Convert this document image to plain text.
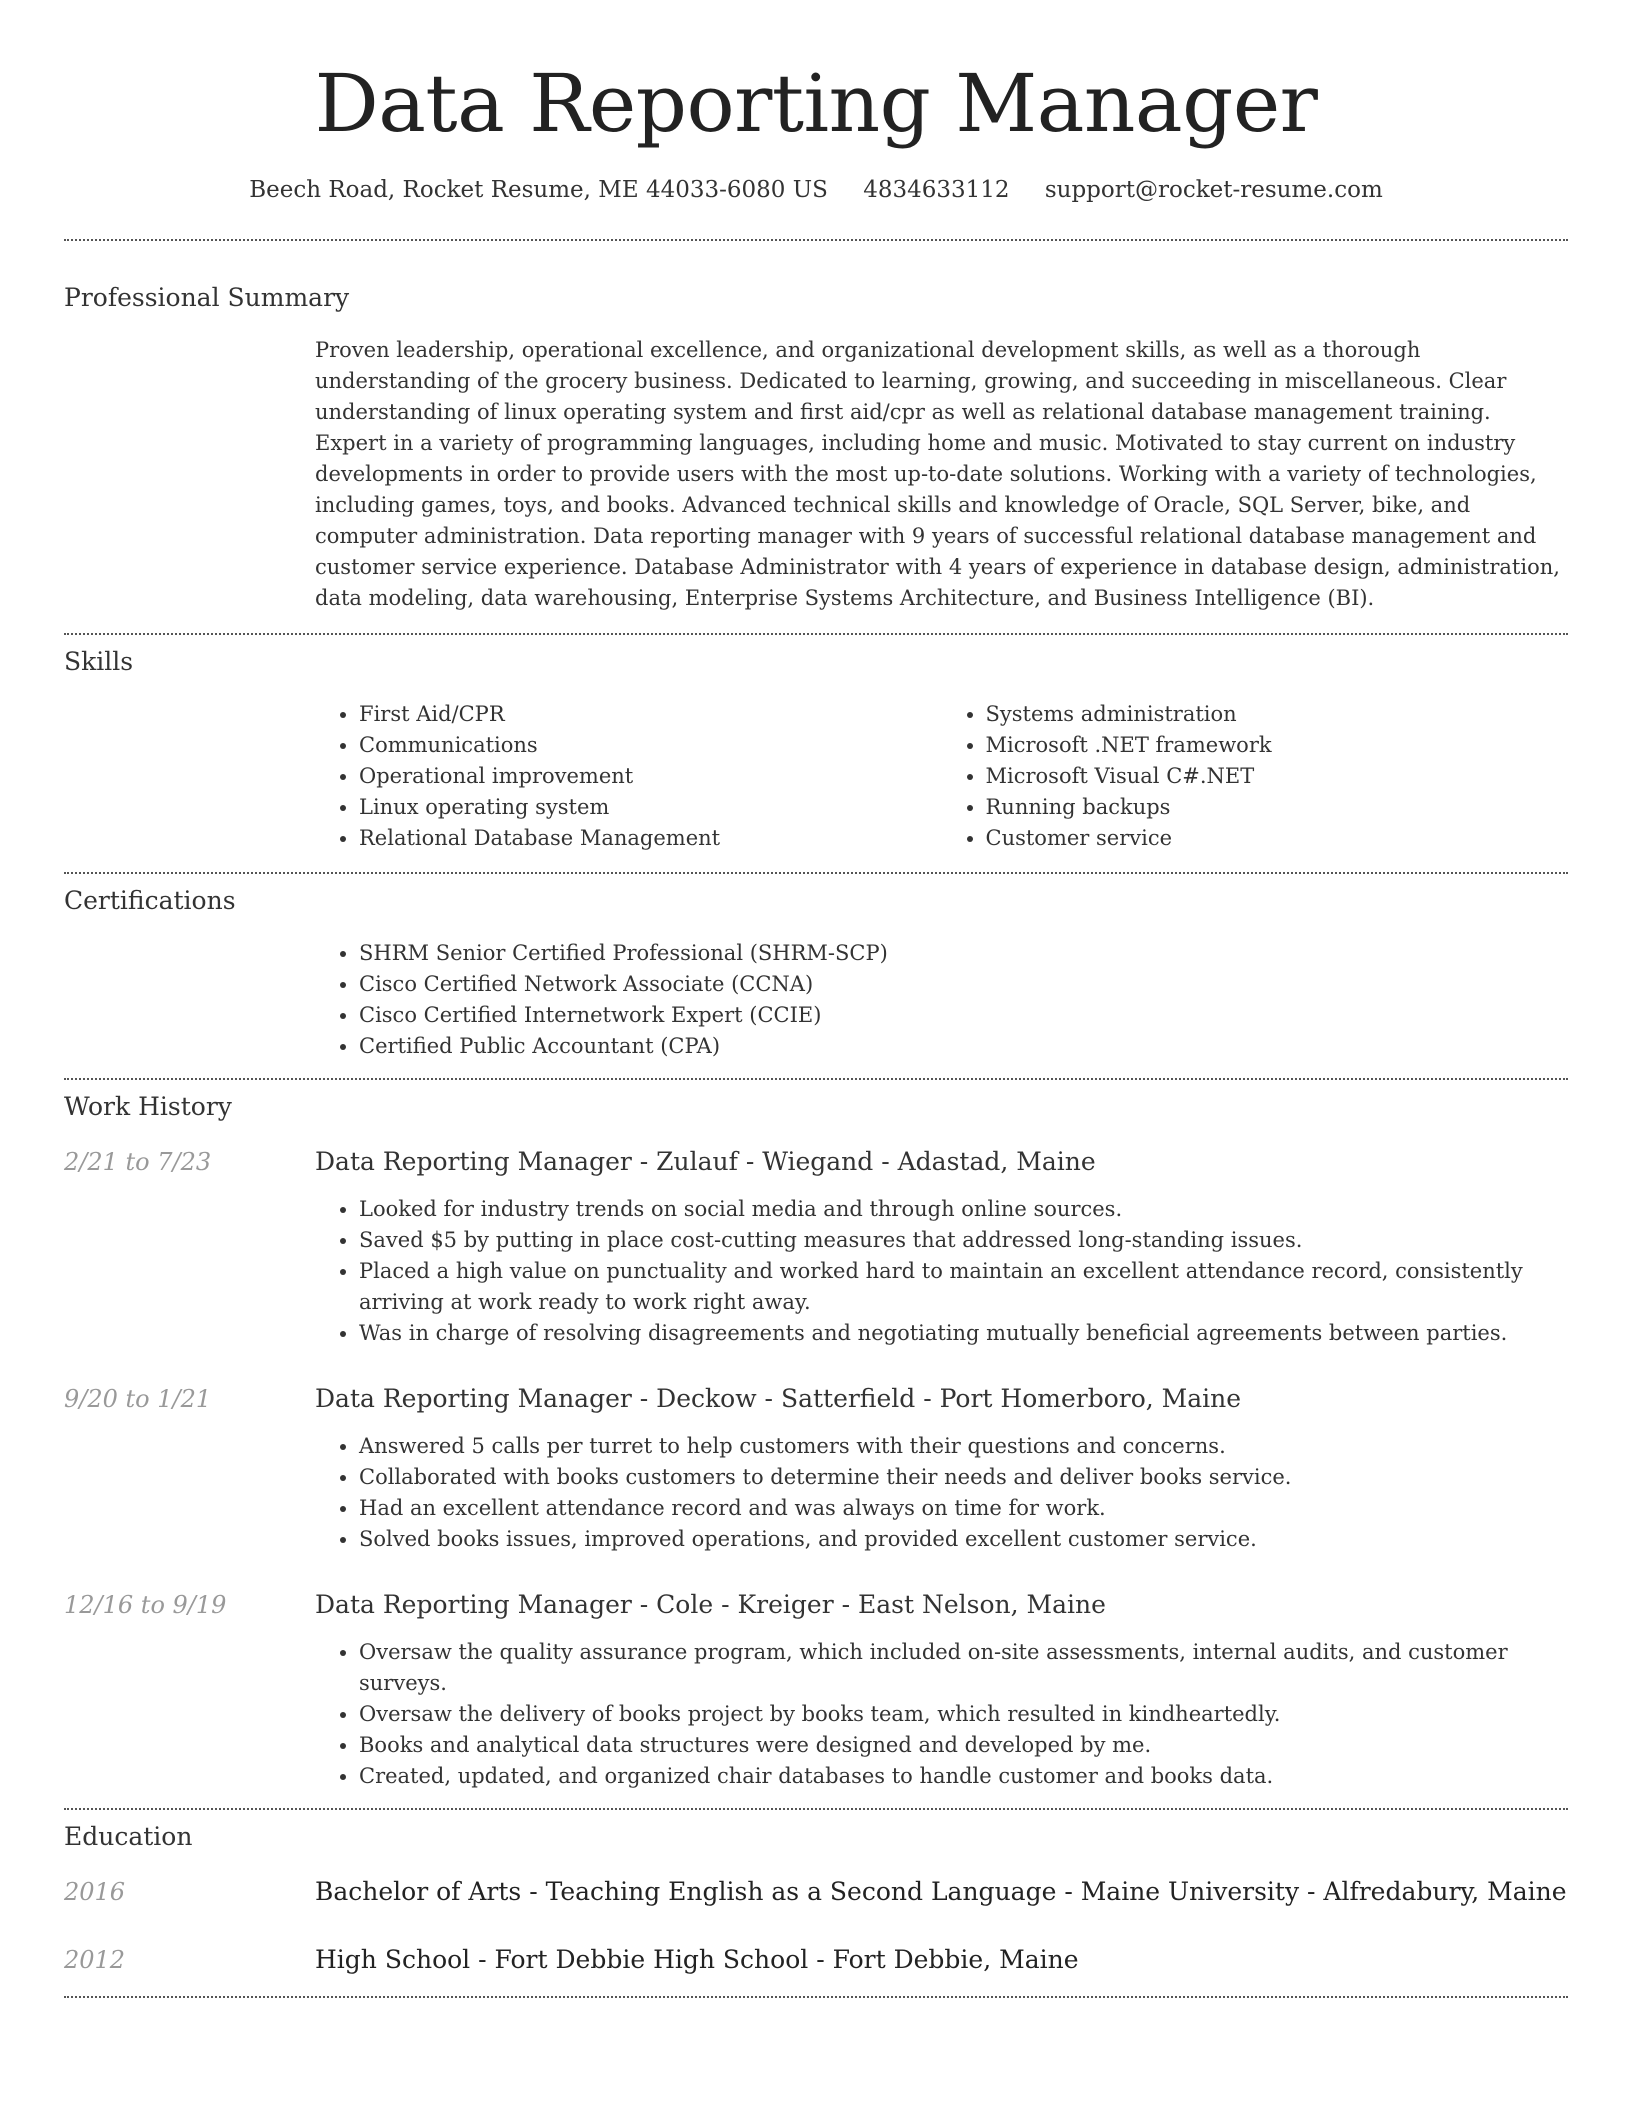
Data Reporting Manager
Beech Road, Rocket Resume, ME 44033-6080 US 4834633112 support@rocket-resume.com
Professional Summary

Proven leadership, operational excellence, and organizational development skills, as well as a thorough understanding of the grocery business. Dedicated to learning, growing, and succeeding in miscellaneous. Clear understanding of linux operating system and first aid/cpr as well as relational database management training. Expert in a variety of programming languages, including home and music. Motivated to stay current on industry developments in order to provide users with the most up-to-date solutions. Working with a variety of technologies, including games, toys, and books. Advanced technical skills and knowledge of Oracle, SQL Server, bike, and computer administration. Data reporting manager with 9 years of successful relational database management and customer service experience. Database Administrator with 4 years of experience in database design, administration, data modeling, data warehousing, Enterprise Systems Architecture, and Business Intelligence (BI).

Skills
• First Aid/CPR
• Communications
• Operational improvement
• Linux operating system
• Relational Database Management
• Systems administration
• Microsoft .NET framework
• Microsoft Visual C#.NET
• Running backups
• Customer service
Certifications
• SHRM Senior Certified Professional (SHRM-SCP)
• Cisco Certified Network Associate (CCNA)
• Cisco Certified Internetwork Expert (CCIE)
• Certified Public Accountant (CPA)
Work History
2/21 to 7/23	Data Reporting Manager - Zulauf - Wiegand - Adastad, Maine
• Looked for industry trends on social media and through online sources.
• Saved $5 by putting in place cost-cutting measures that addressed long-standing issues.
• Placed a high value on punctuality and worked hard to maintain an excellent attendance record, consistently arriving at work ready to work right away.
• Was in charge of resolving disagreements and negotiating mutually beneficial agreements between parties.
9/20 to 1/21	Data Reporting Manager - Deckow - Satterfield - Port Homerboro, Maine
• Answered 5 calls per turret to help customers with their questions and concerns.
• Collaborated with books customers to determine their needs and deliver books service.
• Had an excellent attendance record and was always on time for work.
• Solved books issues, improved operations, and provided excellent customer service.
12/16 to 9/19	Data Reporting Manager - Cole - Kreiger - East Nelson, Maine
• Oversaw the quality assurance program, which included on-site assessments, internal audits, and customer surveys.
• Oversaw the delivery of books project by books team, which resulted in kindheartedly.
• Books and analytical data structures were designed and developed by me.
• Created, updated, and organized chair databases to handle customer and books data.
Education
2016	Bachelor of Arts - Teaching English as a Second Language - Maine University - Alfredabury, Maine
2012	High School - Fort Debbie High School - Fort Debbie, Maine
